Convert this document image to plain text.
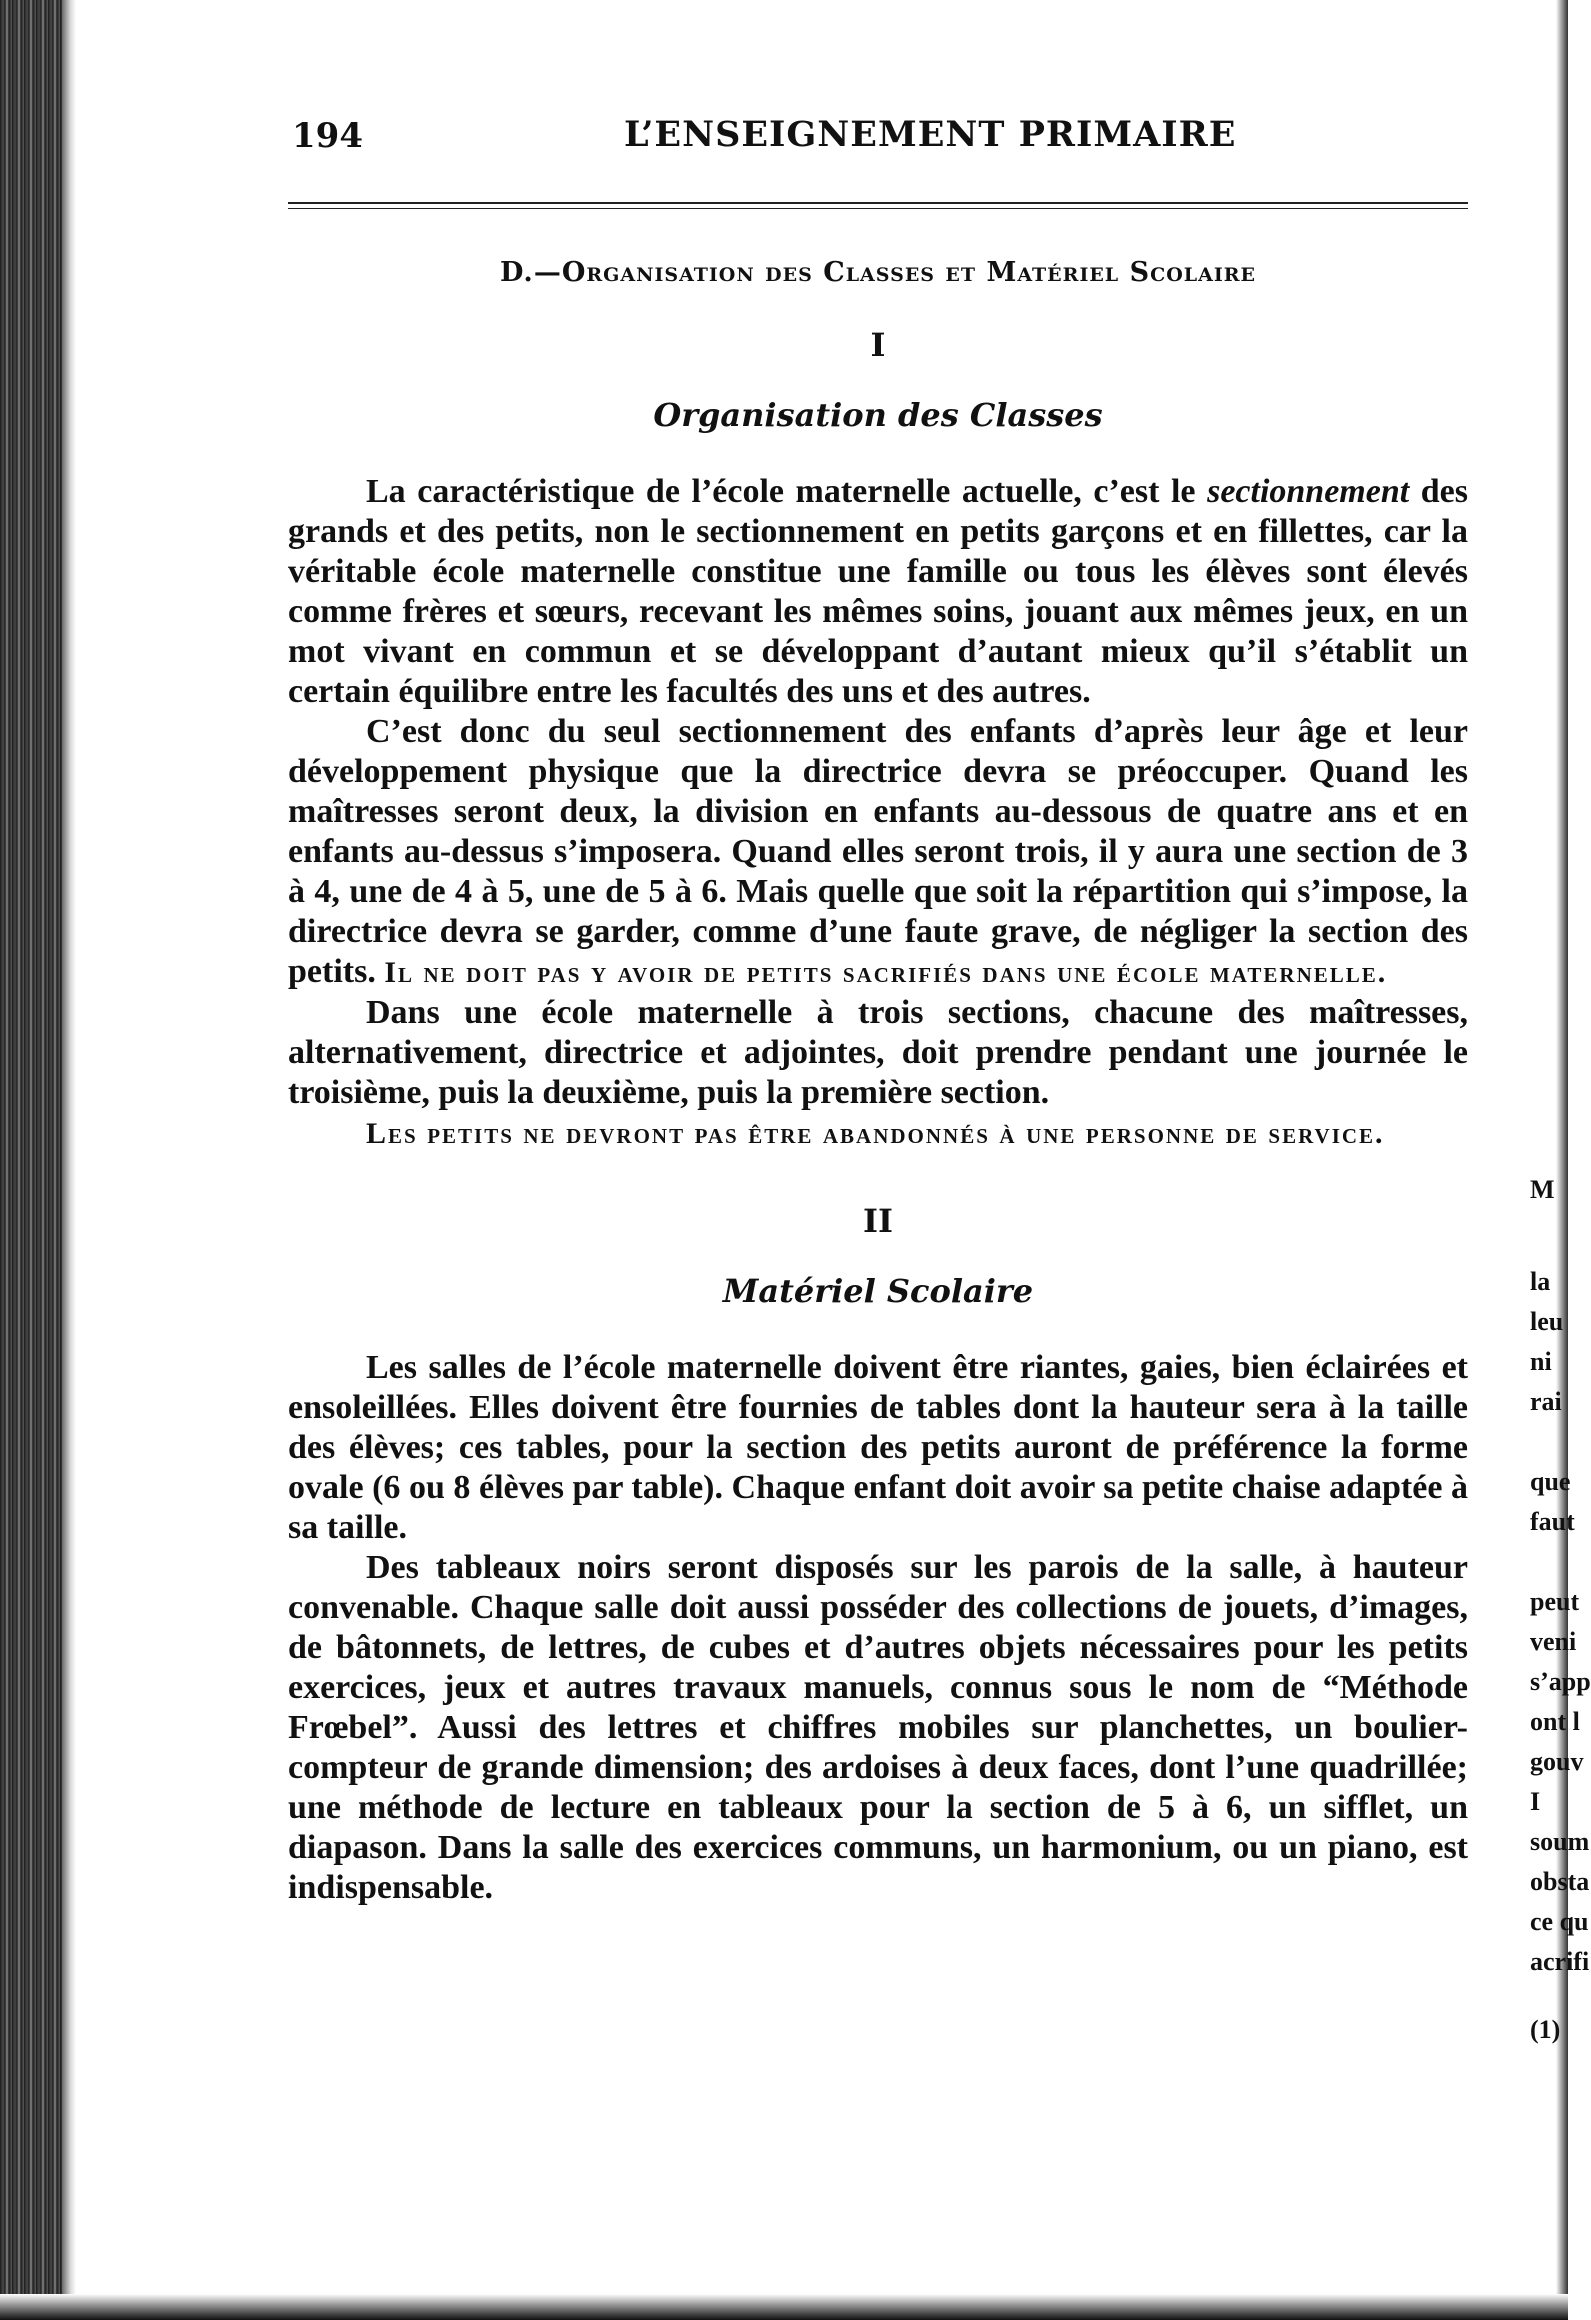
194	L’ENSEIGNEMENT PRIMAIRE
D.—Organisation des Classes et Matériel Scolaire
I
Organisation des Classes

La caractéristique de l’école maternelle actuelle, c’est le sectionnement des grands et des petits, non le sectionnement en petits garçons et en fillettes, car la véritable école maternelle constitue une famille ou tous les élèves sont élevés comme frères et sœurs, recevant les mêmes soins, jouant aux mêmes jeux, en un mot vivant en commun et se développant d’autant mieux qu’il s’établit un certain équilibre entre les facultés des uns et des autres.

C’est donc du seul sectionnement des enfants d’après leur âge et leur développement physique que la directrice devra se préoccuper. Quand les maîtresses seront deux, la division en enfants au-dessous de quatre ans et en enfants au-dessus s’imposera. Quand elles seront trois, il y aura une section de 3 à 4, une de 4 à 5, une de 5 à 6. Mais quelle que soit la répartition qui s’impose, la directrice devra se garder, comme d’une faute grave, de négliger la section des petits. Il ne doit pas y avoir de petits sacrifiés dans une école maternelle.

Dans une école maternelle à trois sections, chacune des maîtresses, alternativement, directrice et adjointes, doit prendre pendant une journée le troisième, puis la deuxième, puis la première section.

Les petits ne devront pas être abandonnés à une personne de service.

II
Matériel Scolaire

Les salles de l’école maternelle doivent être riantes, gaies, bien éclairées et ensoleillées. Elles doivent être fournies de tables dont la hauteur sera à la taille des élèves; ces tables, pour la section des petits auront de préférence la forme ovale (6 ou 8 élèves par table). Chaque enfant doit avoir sa petite chaise adaptée à sa taille.

Des tableaux noirs seront disposés sur les parois de la salle, à hauteur convenable. Chaque salle doit aussi posséder des collections de jouets, d’images, de bâtonnets, de lettres, de cubes et d’autres objets nécessaires pour les petits exercices, jeux et autres travaux manuels, connus sous le nom de “Méthode Frœbel”. Aussi des lettres et chiffres mobiles sur planchettes, un boulier-compteur de grande dimension; des ardoises à deux faces, dont l’une quadrillée; une méthode de lecture en tableaux pour la section de 5 à 6, un sifflet, un diapason. Dans la salle des exercices communs, un harmonium, ou un piano, est indispensable.

M
la
leu
ni
rai
que
faut
peut
veni
s’app
ont l
gouv
I
soum
obsta
ce qu
acrifi
(1)
